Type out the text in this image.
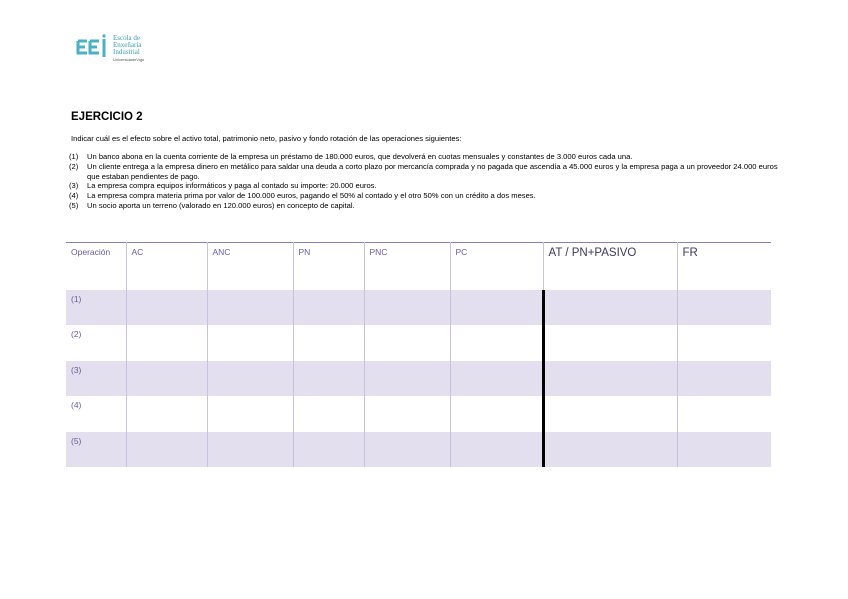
Escola de
Enxeñaría
Industrial
UniversidadeVigo
EJERCICIO 2
Indicar cuál es el efecto sobre el activo total, patrimonio neto, pasivo y fondo rotación de las operaciones siguientes:
(1) Un banco abona en la cuenta corriente de la empresa un préstamo de 180.000 euros, que devolverá en cuotas mensuales y constantes de 3.000 euros cada una.
(2) Un cliente entrega a la empresa dinero en metálico para saldar una deuda a corto plazo por mercancía comprada y no pagada que ascendía a 45.000 euros y la empresa paga a un proveedor 24.000 euros que estaban pendientes de pago.
(3) La empresa compra equipos informáticos y paga al contado su importe: 20.000 euros.
(4) La empresa compra materia prima por valor de 100.000 euros, pagando el 50% al contado y el otro 50% con un crédito a dos meses.
(5) Un socio aporta un terreno (valorado en 120.000 euros) en concepto de capital.
Operación	AC	ANC	PN	PNC	PC	AT / PN+PASIVO	FR
(1)							
(2)							
(3)							
(4)							
(5)							
